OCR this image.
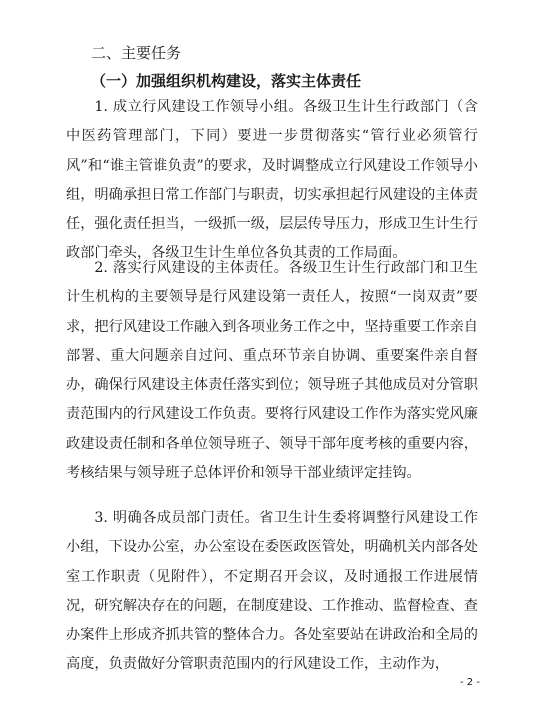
二、主要任务
（一）加强组织机构建设，落实主体责任
1. 成立行风建设工作领导小组。各级卫生计生行政部门（含中医药管理部门，下同）要进一步贯彻落实“管行业必须管行风”和“谁主管谁负责”的要求，及时调整成立行风建设工作领导小组，明确承担日常工作部门与职责，切实承担起行风建设的主体责任，强化责任担当，一级抓一级，层层传导压力，形成卫生计生行政部门牵头，各级卫生计生单位各负其责的工作局面。
2. 落实行风建设的主体责任。各级卫生计生行政部门和卫生计生机构的主要领导是行风建设第一责任人，按照“一岗双责”要求，把行风建设工作融入到各项业务工作之中，坚持重要工作亲自部署、重大问题亲自过问、重点环节亲自协调、重要案件亲自督办，确保行风建设主体责任落实到位；领导班子其他成员对分管职责范围内的行风建设工作负责。要将行风建设工作作为落实党风廉政建设责任制和各单位领导班子、领导干部年度考核的重要内容，考核结果与领导班子总体评价和领导干部业绩评定挂钩。
3. 明确各成员部门责任。省卫生计生委将调整行风建设工作小组，下设办公室，办公室设在委医政医管处，明确机关内部各处室工作职责（见附件），不定期召开会议，及时通报工作进展情况，研究解决存在的问题，在制度建设、工作推动、监督检查、查办案件上形成齐抓共管的整体合力。各处室要站在讲政治和全局的高度，负责做好分管职责范围内的行风建设工作，主动作为，
- 2 -
